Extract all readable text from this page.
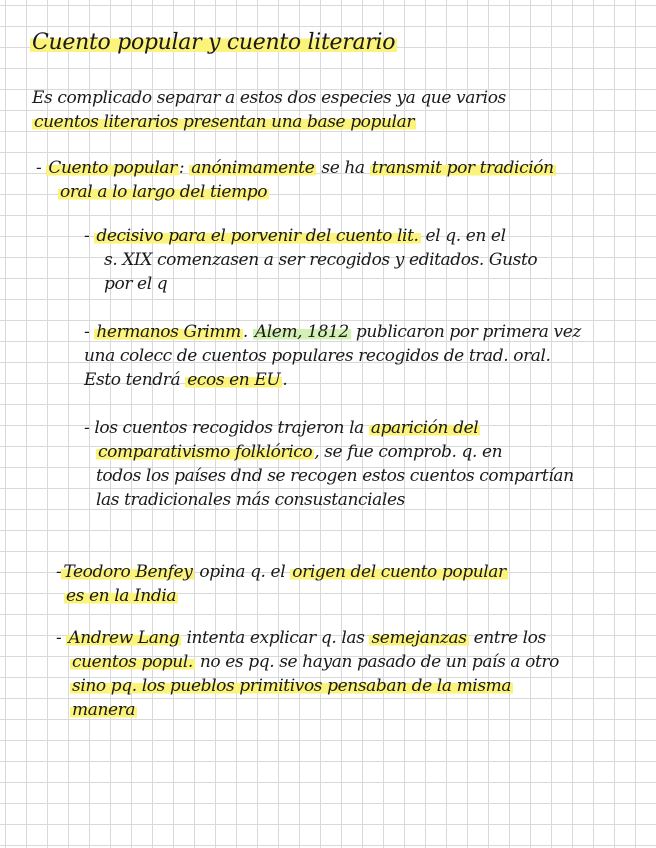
Cuento popular y cuento literario
Es complicado separar a estos dos especies ya que varios
cuentos literarios presentan una base popular
- Cuento popular : anónimamente se ha transmit por tradición
oral a lo largo del tiempo
- decisivo para el porvenir del cuento lit. el q. en el
s. XIX comenzasen a ser recogidos y editados. Gusto
por el q
- hermanos Grimm . Alem, 1812 publicaron por primera vez
una colecc de cuentos populares recogidos de trad. oral.
Esto tendrá ecos en EU .
- los cuentos recogidos trajeron la aparición del
comparativismo folklórico , se fue comprob. q. en
todos los países dnd se recogen estos cuentos compartían
las tradicionales más consustanciales
- Teodoro Benfey opina q. el origen del cuento popular
es en la India
- Andrew Lang intenta explicar q. las semejanzas entre los
cuentos popul. no es pq. se hayan pasado de un país a otro
sino pq. los pueblos primitivos pensaban de la misma
manera
